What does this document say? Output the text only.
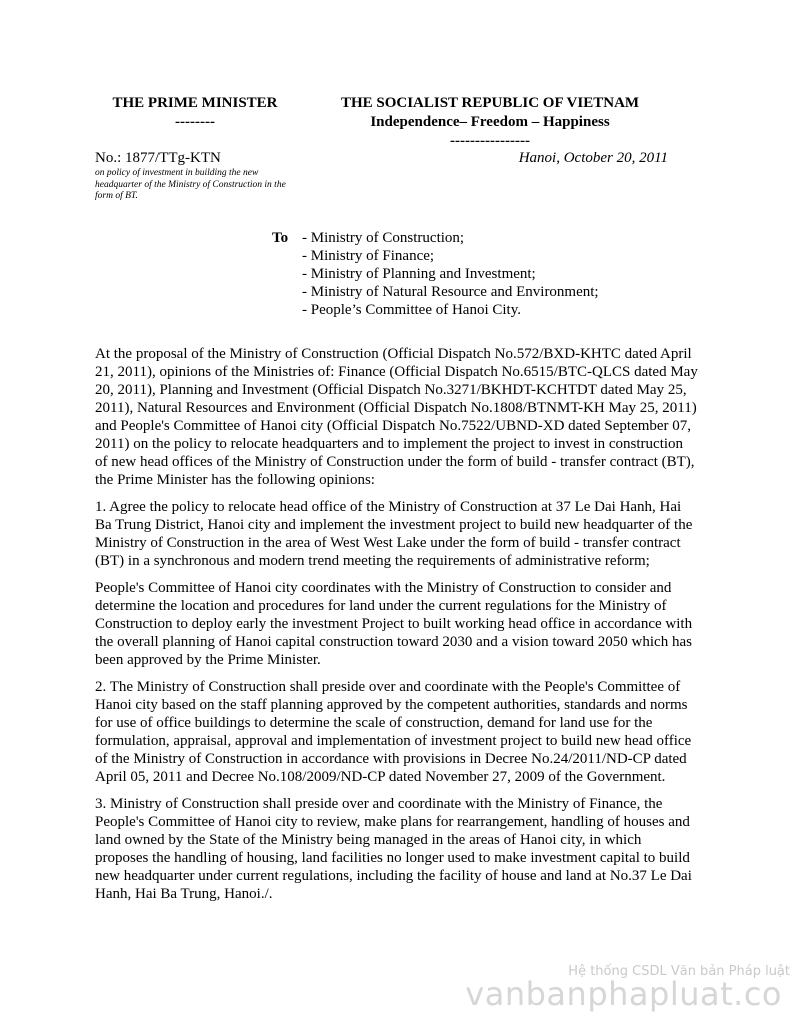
THE PRIME MINISTER
--------
THE SOCIALIST REPUBLIC OF VIETNAM
Independence– Freedom – Happiness
----------------
No.: 1877/TTg-KTN
on policy of investment in building the new headquarter of the Ministry of Construction in the form of BT.
Hanoi, October 20, 2011
To - Ministry of Construction;
- Ministry of Finance;
- Ministry of Planning and Investment;
- Ministry of Natural Resource and Environment;
- People’s Committee of Hanoi City.

At the proposal of the Ministry of Construction (Official Dispatch No.572/BXD-KHTC dated April 21, 2011), opinions of the Ministries of: Finance (Official Dispatch No.6515/BTC-QLCS dated May 20, 2011), Planning and Investment (Official Dispatch No.3271/BKHDT-KCHTDT dated May 25, 2011), Natural Resources and Environment (Official Dispatch No.1808/BTNMT-KH May 25, 2011) and People's Committee of Hanoi city (Official Dispatch No.7522/UBND-XD dated September 07, 2011) on the policy to relocate headquarters and to implement the project to invest in construction of new head offices of the Ministry of Construction under the form of build - transfer contract (BT), the Prime Minister has the following opinions:

1. Agree the policy to relocate head office of the Ministry of Construction at 37 Le Dai Hanh, Hai Ba Trung District, Hanoi city and implement the investment project to build new headquarter of the Ministry of Construction in the area of West West Lake under the form of build - transfer contract (BT) in a synchronous and modern trend meeting the requirements of administrative reform;

People's Committee of Hanoi city coordinates with the Ministry of Construction to consider and determine the location and procedures for land under the current regulations for the Ministry of Construction to deploy early the investment Project to built working head office in accordance with the overall planning of Hanoi capital construction toward 2030 and a vision toward 2050 which has been approved by the Prime Minister.

2. The Ministry of Construction shall preside over and coordinate with the People's Committee of Hanoi city based on the staff planning approved by the competent authorities, standards and norms for use of office buildings to determine the scale of construction, demand for land use for the formulation, appraisal, approval and implementation of investment project to build new head office of the Ministry of Construction in accordance with provisions in Decree No.24/2011/ND-CP dated April 05, 2011 and Decree No.108/2009/ND-CP dated November 27, 2009 of the Government.

3. Ministry of Construction shall preside over and coordinate with the Ministry of Finance, the People's Committee of Hanoi city to review, make plans for rearrangement, handling of houses and land owned by the State of the Ministry being managed in the areas of Hanoi city, in which proposes the handling of housing, land facilities no longer used to make investment capital to build new headquarter under current regulations, including the facility of house and land at No.37 Le Dai Hanh, Hai Ba Trung, Hanoi./.

Hệ thống CSDL Văn bản Pháp luật
vanbanphapluat.co
